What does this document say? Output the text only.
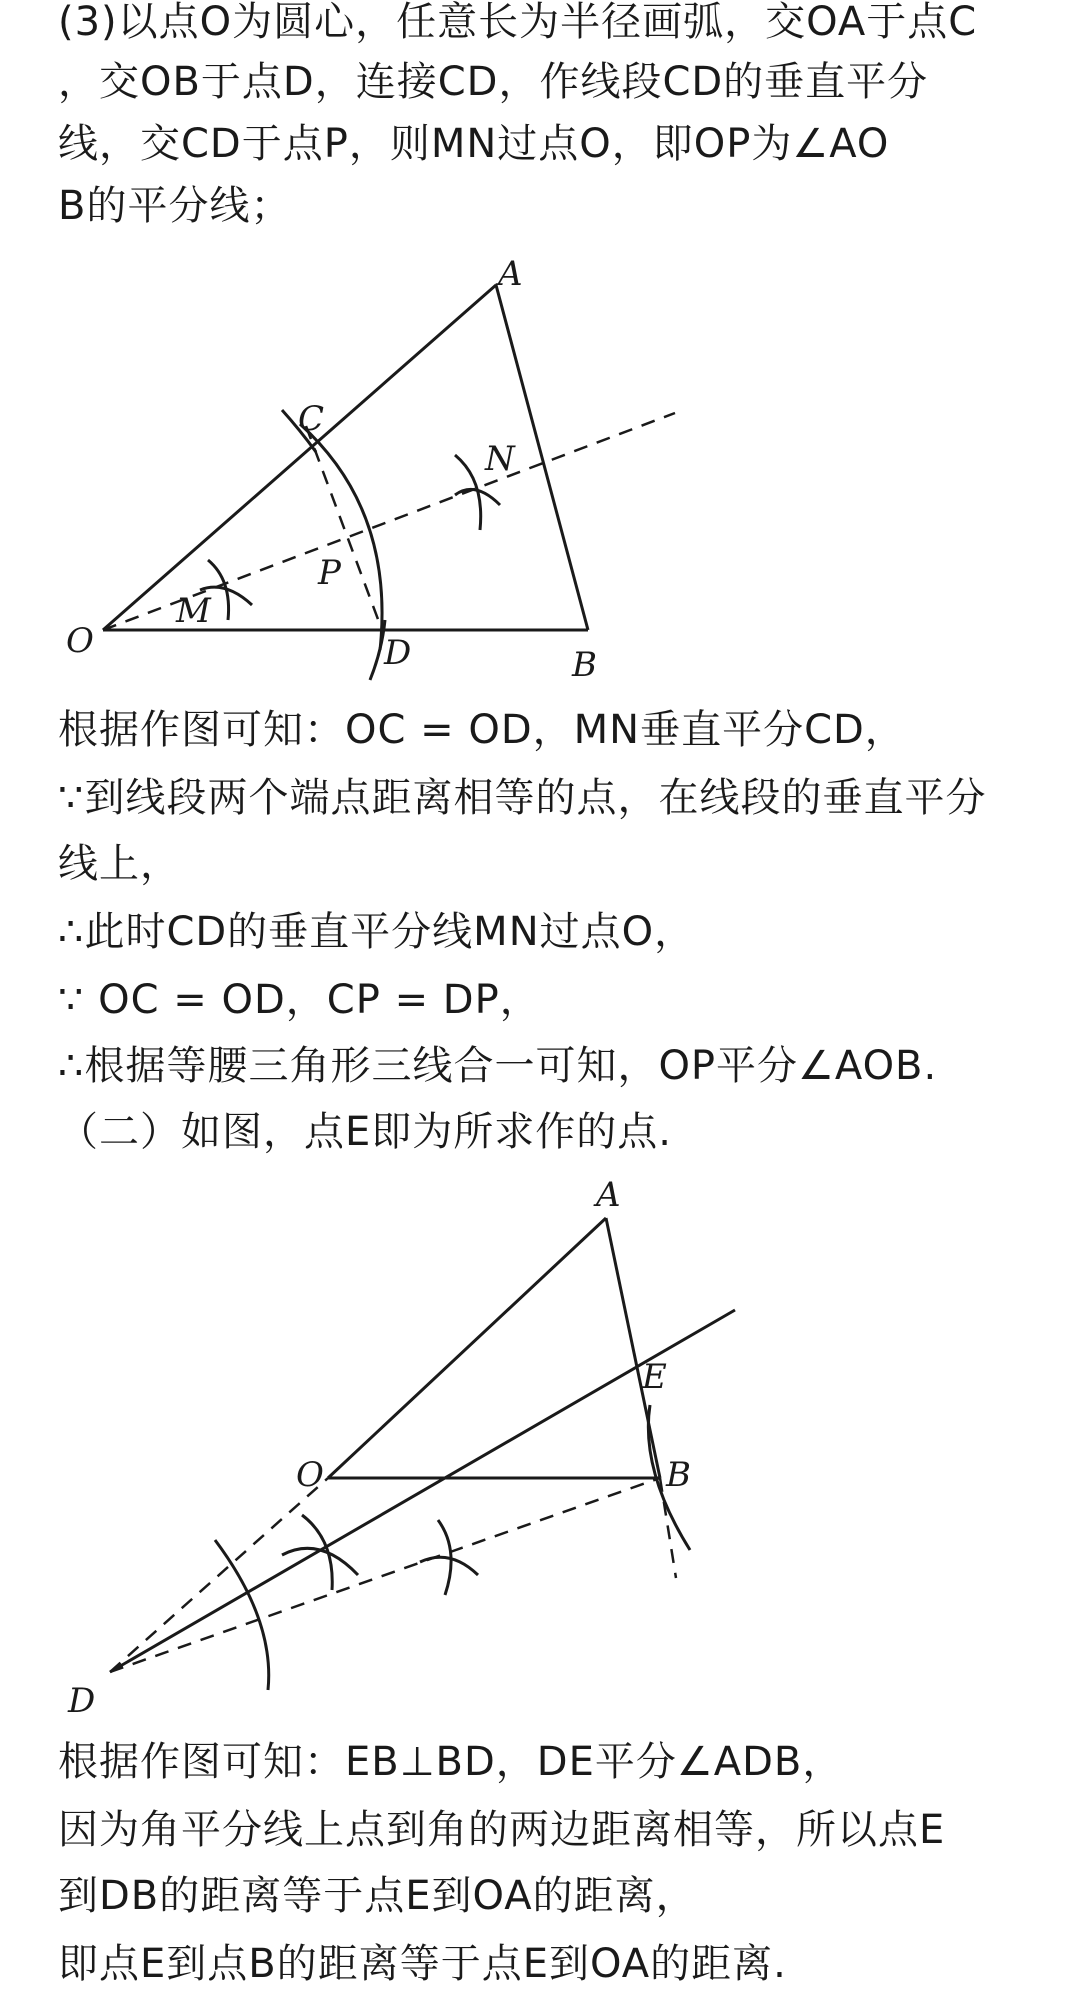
(3)以点O为圆心，任意长为半径画弧，交OA于点C
，交OB于点D，连接CD，作线段CD的垂直平分
线，交CD于点P，则MN过点O，即OP为∠AO
B的平分线；
A
C
N
P
M
O	D	B
根据作图可知：OC = OD，MN垂直平分CD，
∵到线段两个端点距离相等的点，在线段的垂直平分
线上，
∴此时CD的垂直平分线MN过点O，
∵ OC = OD，CP = DP，
∴根据等腰三角形三线合一可知，OP平分∠AOB.
（二）如图，点E即为所求作的点.
A
E
O	B
D
根据作图可知：EB⊥BD，DE平分∠ADB，
因为角平分线上点到角的两边距离相等，所以点E
到DB的距离等于点E到OA的距离，
即点E到点B的距离等于点E到OA的距离.
